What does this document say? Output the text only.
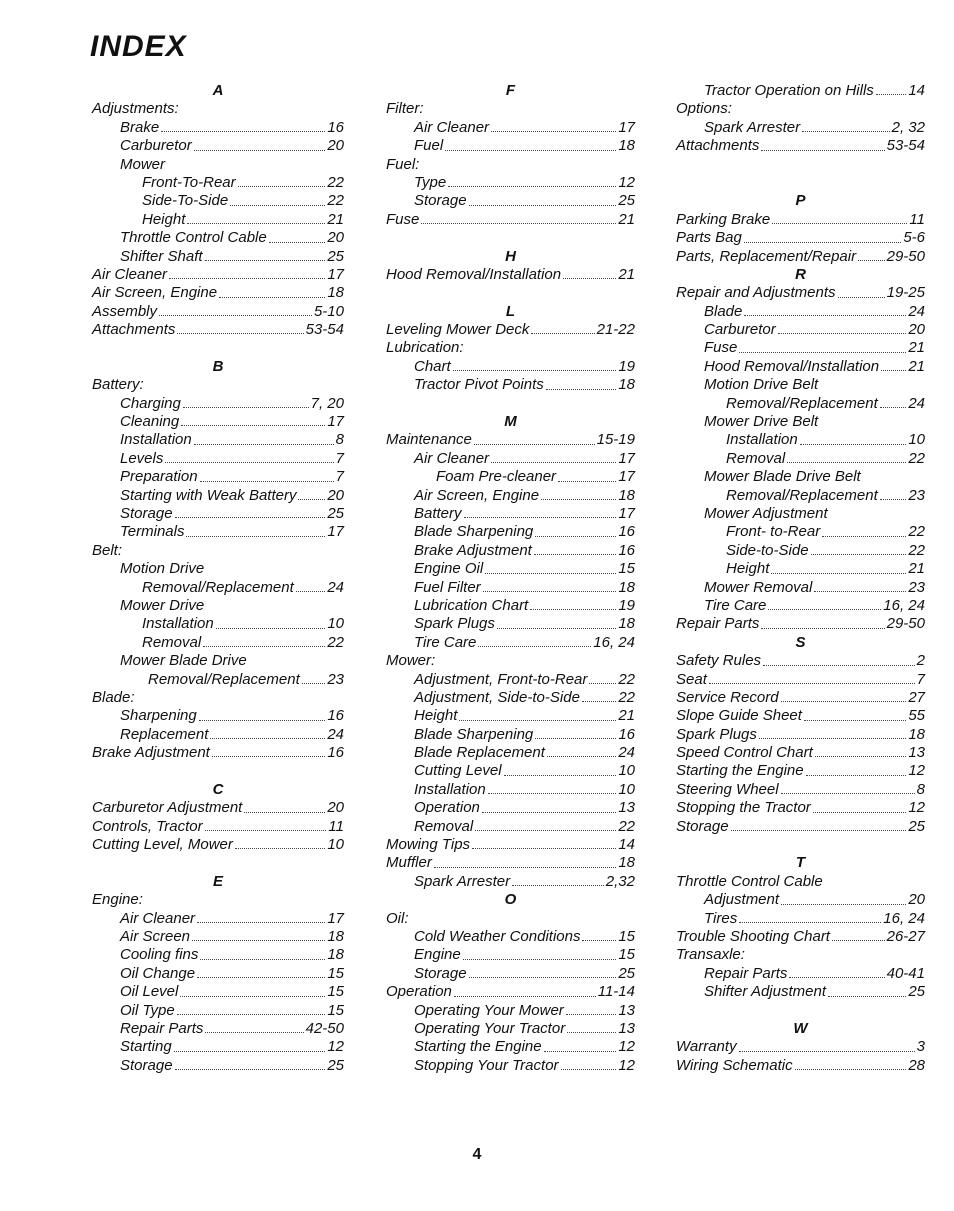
INDEX
A
Adjustments:
Brake	16
Carburetor	20
Mower
Front-To-Rear	22
Side-To-Side	22
Height	21
Throttle Control Cable	20
Shifter Shaft	25
Air Cleaner	17
Air Screen, Engine	18
Assembly	5-10
Attachments	53-54
B
Battery:
Charging	7, 20
Cleaning	17
Installation	8
Levels	7
Preparation	7
Starting with Weak Battery 20
Storage	25
Terminals	17
Belt:
Motion Drive
Removal/Replacement 24
Mower Drive
Installation	10
Removal	22
Mower Blade Drive
Removal/Replacement 23
Blade:
Sharpening	16
Replacement	24
Brake Adjustment	16
C
Carburetor Adjustment	20
Controls, Tractor	11
Cutting Level, Mower	10
E
Engine:
Air Cleaner	17
Air Screen	18
Cooling fins	18
Oil Change	15
Oil Level	15
Oil Type	15
Repair Parts	42-50
Starting	12
Storage	25
F
Filter:
Air Cleaner	17
Fuel	18
Fuel:
Type	12
Storage	25
Fuse	21
H
Hood Removal/Installation	21
L
Leveling Mower Deck	21-22
Lubrication:
Chart	19
Tractor Pivot Points	18
M
Maintenance	15-19
Air Cleaner	17
Foam Pre-cleaner	17
Air Screen, Engine	18
Battery	17
Blade Sharpening	16
Brake Adjustment	16
Engine Oil	15
Fuel Filter	18
Lubrication Chart	19
Spark Plugs	18
Tire Care	16, 24
Mower:
Adjustment, Front-to-Rear 22
Adjustment, Side-to-Side	22
Height	21
Blade Sharpening	16
Blade Replacement	24
Cutting Level	10
Installation	10
Operation	13
Removal	22
Mowing Tips	14
Muffler	18
Spark Arrester	2,32
O
Oil:
Cold Weather Conditions	15
Engine	15
Storage	25
Operation	11-14
Operating Your Mower	13
Operating Your Tractor	13
Starting the Engine	12
Stopping Your Tractor	12
Tractor Operation on Hills 14
Options:
Spark Arrester	2, 32
Attachments	53-54
P
Parking Brake	11
Parts Bag	5-6
Parts, Replacement/Repair 29-50
R
Repair and Adjustments	19-25
Blade	24
Carburetor	20
Fuse	21
Hood Removal/Installation 21
Motion Drive Belt
Removal/Replacement 24
Mower Drive Belt
Installation	10
Removal	22
Mower Blade Drive Belt
Removal/Replacement 23
Mower Adjustment
Front- to-Rear	22
Side-to-Side	22
Height	21
Mower Removal	23
Tire Care	16, 24
Repair Parts	29-50
S
Safety Rules	2
Seat	7
Service Record	27
Slope Guide Sheet	55
Spark Plugs	18
Speed Control Chart	13
Starting the Engine	12
Steering Wheel	8
Stopping the Tractor	12
Storage	25
T
Throttle Control Cable
Adjustment	20
Tires	16, 24
Trouble Shooting Chart	26-27
Transaxle:
Repair Parts	40-41
Shifter Adjustment	25
W
Warranty	3
Wiring Schematic	28
4
